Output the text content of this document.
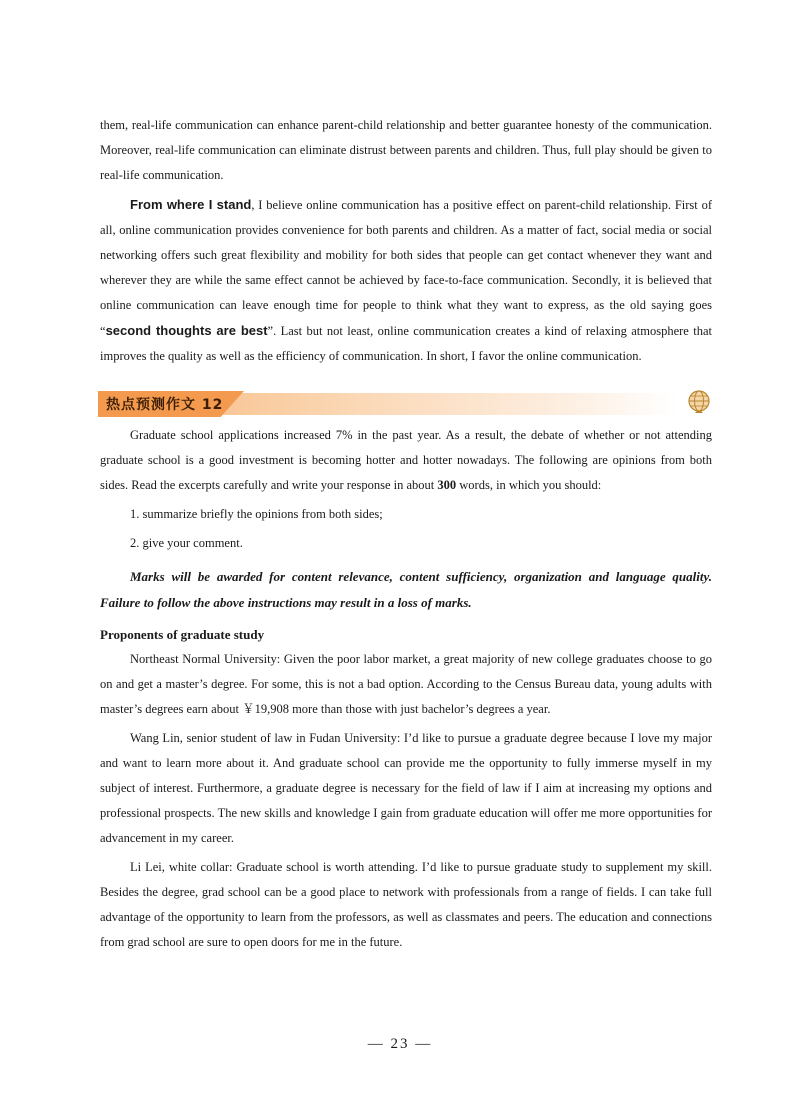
them, real-life communication can enhance parent-child relationship and better guarantee honesty of the communication. Moreover, real-life communication can eliminate distrust between parents and children. Thus, full play should be given to real-life communication.

From where I stand, I believe online communication has a positive effect on parent-child relationship. First of all, online communication provides convenience for both parents and children. As a matter of fact, social media or social networking offers such great flexibility and mobility for both sides that people can get contact whenever they want and wherever they are while the same effect cannot be achieved by face-to-face communication. Secondly, it is believed that online communication can leave enough time for people to think what they want to express, as the old saying goes “second thoughts are best”. Last but not least, online communication creates a kind of relaxing atmosphere that improves the quality as well as the efficiency of communication. In short, I favor the online communication.

热点预测作文 12

Graduate school applications increased 7% in the past year. As a result, the debate of whether or not attending graduate school is a good investment is becoming hotter and hotter nowadays. The following are opinions from both sides. Read the excerpts carefully and write your response in about 300 words, in which you should:

1. summarize briefly the opinions from both sides;

2. give your comment.

Marks will be awarded for content relevance, content sufficiency, organization and language quality. Failure to follow the above instructions may result in a loss of marks.

Proponents of graduate study

Northeast Normal University: Given the poor labor market, a great majority of new college graduates choose to go on and get a master’s degree. For some, this is not a bad option. According to the Census Bureau data, young adults with master’s degrees earn about ￥19,908 more than those with just bachelor’s degrees a year.

Wang Lin, senior student of law in Fudan University: I’d like to pursue a graduate degree because I love my major and want to learn more about it. And graduate school can provide me the opportunity to fully immerse myself in my subject of interest. Furthermore, a graduate degree is necessary for the field of law if I aim at increasing my options and professional prospects. The new skills and knowledge I gain from graduate education will offer me more opportunities for advancement in my career.

Li Lei, white collar: Graduate school is worth attending. I’d like to pursue graduate study to supplement my skill. Besides the degree, grad school can be a good place to network with professionals from a range of fields. I can take full advantage of the opportunity to learn from the professors, as well as classmates and peers. The education and connections from grad school are sure to open doors for me in the future.

— 23 —
